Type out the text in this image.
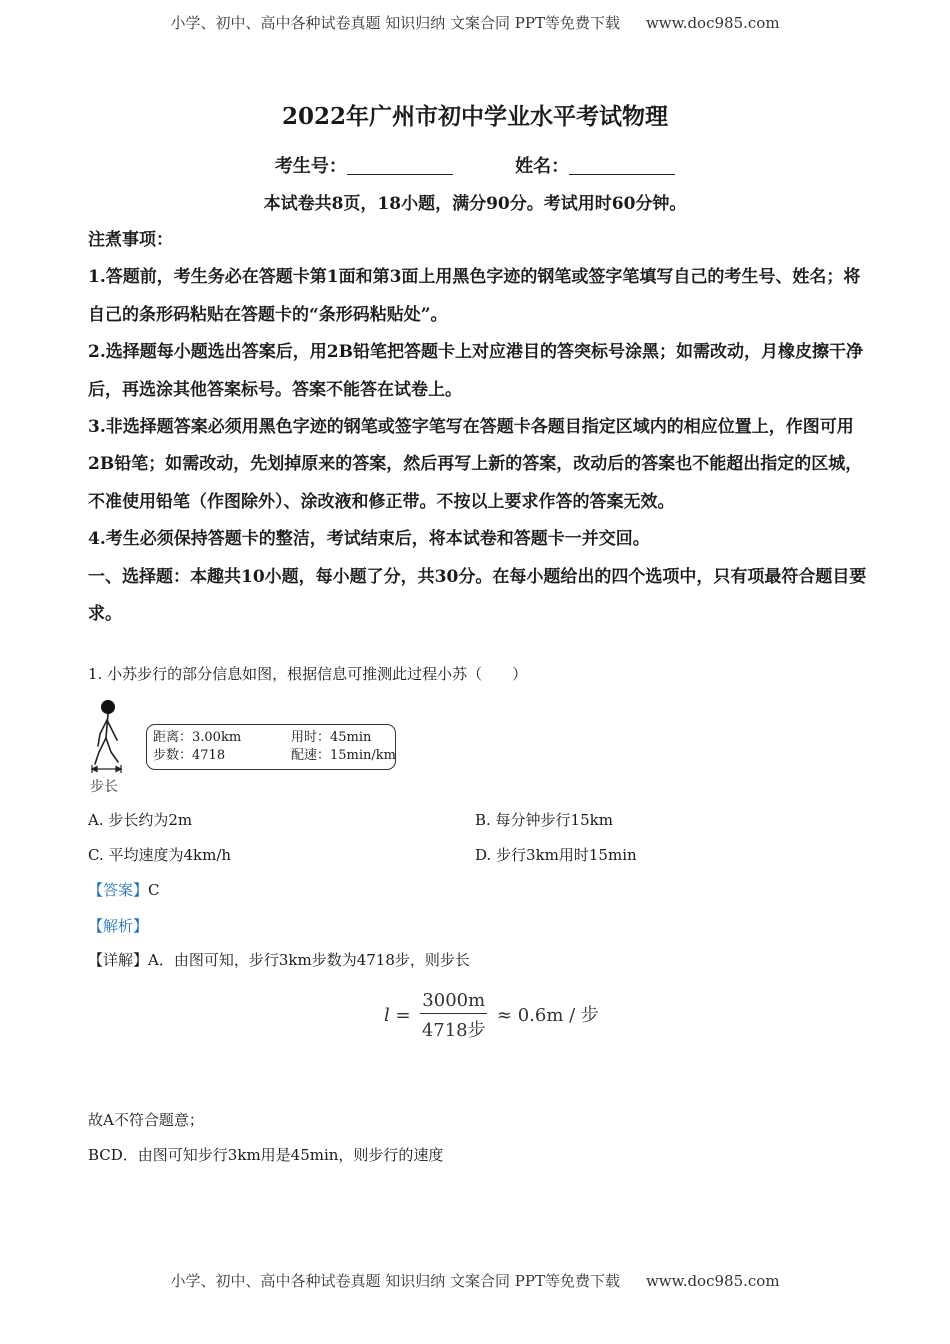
小学、初中、高中各种试卷真题 知识归纳 文案合同 PPT等免费下载 www.doc985.com
2022年广州市初中学业水平考试物理
考生号：	姓名：
本试卷共8页，18小题，满分90分。考试用时60分钟。

注煮事项：

1.答题前，考生务必在答题卡第1面和第3面上用黑色字迹的钢笔或签字笔填写自己的考生号、姓名；将自己的条形码粘贴在答题卡的“条形码粘贴处”。

2.选择题每小题选出答案后，用2B铅笔把答题卡上对应港目的答突标号涂黑；如需改动，月橡皮擦干净后，再选涂其他答案标号。答案不能答在试卷上。

3.非选择题答案必须用黑色字迹的钢笔或签字笔写在答题卡各题目指定区域内的相应位置上，作图可用2B铅笔；如需改动，先划掉原来的答案，然后再写上新的答案，改动后的答案也不能超出指定的区城，不准使用铅笔（作图除外）、涂改液和修正带。不按以上要求作答的答案无效。

4.考生必须保持答题卡的整洁，考试结束后，将本试卷和答题卡一并交回。

一、选择题：本趣共10小题，每小题了分，共30分。在每小题给出的四个选项中，只有项最符合题目要求。

1. 小苏步行的部分信息如图，根据信息可推测此过程小苏（　　）
距离：3.00km	用时：45min
步数：4718	配速：15min/km
步长
A. 步长约为2m	B. 每分钟步行15km
C. 平均速度为4km/h	D. 步行3km用时15min
【答案】C
【解析】
【详解】A．由图可知，步行3km步数为4718步，则步长
$l = \frac{3000m}{\text{4718步}} \approx 0.6m$ / 步
故A不符合题意；
BCD．由图可知步行3km用是45min，则步行的速度
小学、初中、高中各种试卷真题 知识归纳 文案合同 PPT等免费下载 www.doc985.com
